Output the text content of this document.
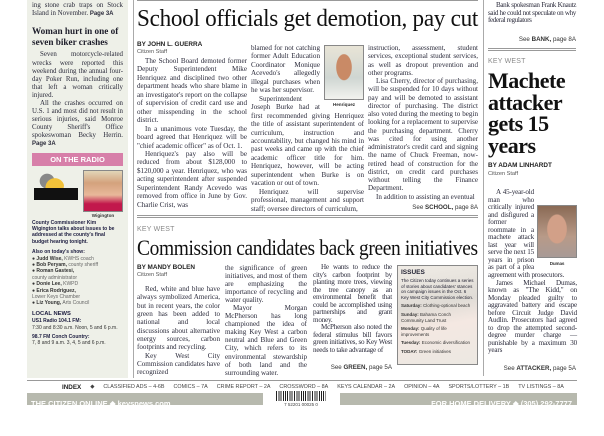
ing stone crab traps on Stock Island in November. Page 3A
Woman hurt in one of seven biker crashes

Seven motorcycle-related wrecks were reported this weekend during the annual four-day Poker Run, including one that left a woman critically injured.

All the crashes occurred on U.S. 1 and most did not result in serious injuries, said Monroe County Sheriff's Office spokeswoman Becky Herrin. Page 3A

ON THE RADIO
Wigington
County Commissioner Kim Wigington talks about issues to be addressed at the county's final budget hearing tonight.
Also on today's show:
● Judd Wise, KWHS coach
● Bob Peryam, county sheriff
● Roman Gastesi,
county administrator
● Donie Lee, KWPD
● Erica Rodriguez,
Lower Keys Chamber
● Liz Young, Arts Council
LOCAL NEWS
US1 Radio 104.1 FM:
7:30 and 8:30 a.m. Noon, 5 and 6 p.m.
98.7 FM Conch Country:
7, 8 and 9 a.m. 3, 4, 5 and 6 p.m.
School officials get demotion, pay cut
BY JOHN L. GUERRA
Citizen Staff

The School Board demoted former Deputy Superintendent Mike Henriquez and disciplined two other department heads who share blame in an investigator's report on the collapse of supervision of credit card use and other misspending in the school district.

In a unanimous vote Tuesday, the board agreed that Henriquez will be "chief academic officer" as of Oct. 1.

Henriquez's pay also will be reduced from about $128,000 to $120,000 a year. Henriquez, who was acting superintendent after suspended Superintendent Randy Acevedo was removed from office in June by Gov. Charlie Crist, was

Henriquez

blamed for not catching former Adult Education Coordinator Monique Acevedo's allegedly illegal purchases when he was her supervisor.

Superintendent Joseph Burke had at first recommended giving Henriquez the title of assistant superintendent of curriculum, instruction and accountability, but changed his mind in past weeks and came up with the chief academic officer title for him. Henriquez, however, will be acting superintendent when Burke is on vacation or out of town.

Henriquez will supervise professional, management and support staff; oversee directors of curriculum,

instruction, assessment, student services, exceptional student services, as well as dropout prevention and other programs.

Lisa Cherry, director of purchasing, will be suspended for 10 days without pay and will be demoted to assistant director of purchasing. The district also voted during the meeting to begin looking for a replacement to supervise the purchasing department. Cherry was cited for using another administrator's credit card and signing the name of Chuck Freeman, now-retired head of construction for the district, on credit card purchases without telling the Finance Department.

In addition to assisting an eventual

See SCHOOL, page 8A
KEY WEST
Commission candidates back green initiatives
BY MANDY BOLEN
Citizen Staff

Red, white and blue have always symbolized America, but in recent years, the color green has been added to national and local discussions about alternative energy sources, carbon footprints and recycling.

Key West City Commission candidates have recognized

the significance of green initiatives, and most of them are emphasizing the importance of recycling and water quality.

Mayor Morgan McPherson has long championed the idea of making Key West a carbon neutral and Blue and Green City, which refers to its environmental stewardship of both land and the surrounding water.

He wants to reduce the city's carbon footprint by planting more trees, viewing the tree canopy as an environmental benefit that could be accomplished using partnerships and grant money.

McPherson also noted the federal stimulus bill favors green initiatives, so Key West needs to take advantage of

See GREEN, page 5A
ISSUES
The Citizen today continues a series of stories about candidates' stances on campaign issues in the Oct. 6 Key West City Commission election.
Saturday: Clothing-optional beach
Sunday: Bahama Conch Community Land Trust
Monday: Quality of life improvements
Tuesday: Economic diversification
TODAY: Green initiatives
Bank spokesman Frank Knautz said he could not speculate on why federal regulators
See BANK, page 8A
KEY WEST
Machete attacker gets 15 years
BY ADAM LINHARDT
Citizen Staff
Dumas

A 45-year-old man who critically injured and disfigured a former roommate in a machete attack last year will serve the next 15 years in prison as part of a plea agreement with prosecutors.

James Michael Dumas, known as "The Kidd," on Monday pleaded guilty to aggravated battery and escape before Circuit Judge David Audlin. Prosecutors had agreed to drop the attempted second-degree murder charge — punishable by a maximum 30 years

See ATTACKER, page 5A
INDEX ◆ CLASSIFIED ADS – 4-6B COMICS – 7A CRIME REPORT – 2A CROSSWORD – 8A KEYS CALENDAR – 2A OPINION – 4A SPORTS/LOTTERY – 1B TV LISTINGS – 8A
THE CITIZEN ONLINE ◆ keysnews.com	7 52201 00025 0	FOR HOME DELIVERY ◆ (305) 292-7777
